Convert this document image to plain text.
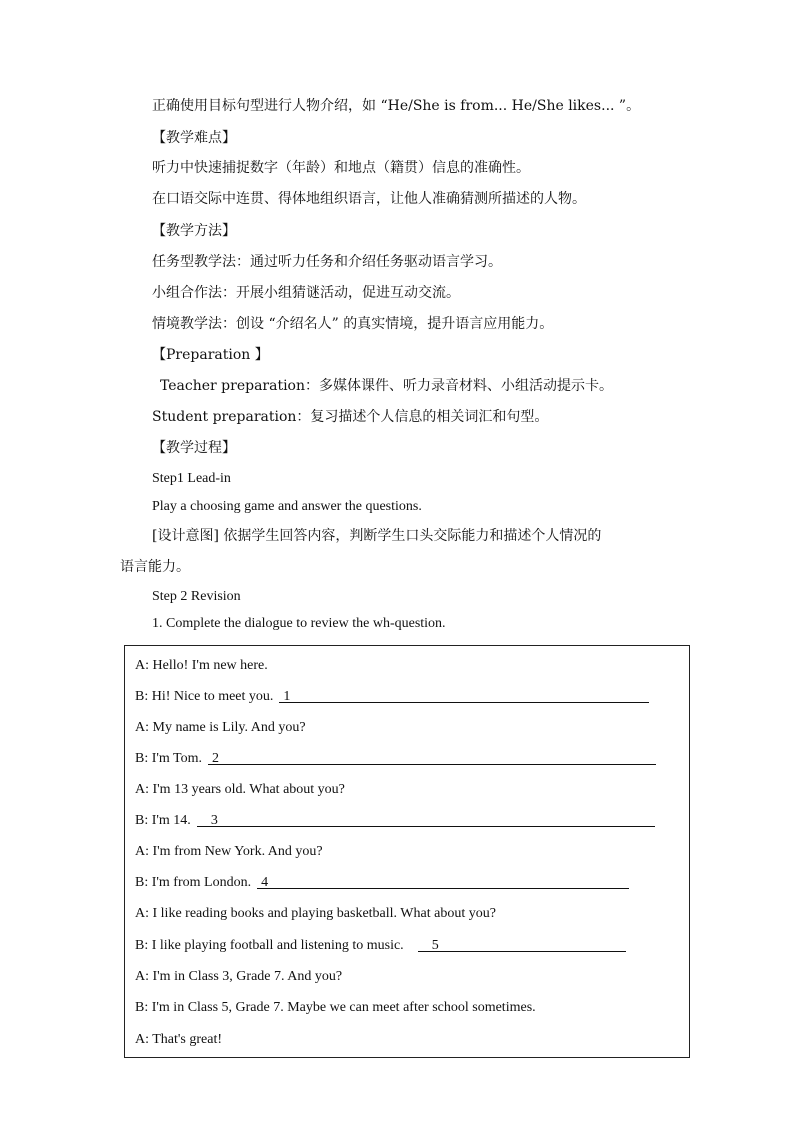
正确使用目标句型进行人物介绍，如 “He/She is from... He/She likes... ”。
【教学难点】
听力中快速捕捉数字（年龄）和地点（籍贯）信息的准确性。
在口语交际中连贯、得体地组织语言，让他人准确猜测所描述的人物。
【教学方法】
任务型教学法：通过听力任务和介绍任务驱动语言学习。
小组合作法：开展小组猜谜活动，促进互动交流。
情境教学法：创设 “介绍名人” 的真实情境，提升语言应用能力。
【Preparation 】
Teacher preparation：多媒体课件、听力录音材料、小组活动提示卡。
Student preparation：复习描述个人信息的相关词汇和句型。
【教学过程】
Step1 Lead-in
Play a choosing game and answer the questions.
[设计意图] 依据学生回答内容，判断学生口头交际能力和描述个人情况的
语言能力。
Step 2 Revision
1. Complete the dialogue to review the wh-question.
A: Hello! I'm new here.
B: Hi! Nice to meet you. 1
A: My name is Lily. And you?
B: I'm Tom. 2
A: I'm 13 years old. What about you?
B: I'm 14. 3
A: I'm from New York. And you?
B: I'm from London. 4
A: I like reading books and playing basketball. What about you?
B: I like playing football and listening to music. 5
A: I'm in Class 3, Grade 7. And you?
B: I'm in Class 5, Grade 7. Maybe we can meet after school sometimes.
A: That's great!
